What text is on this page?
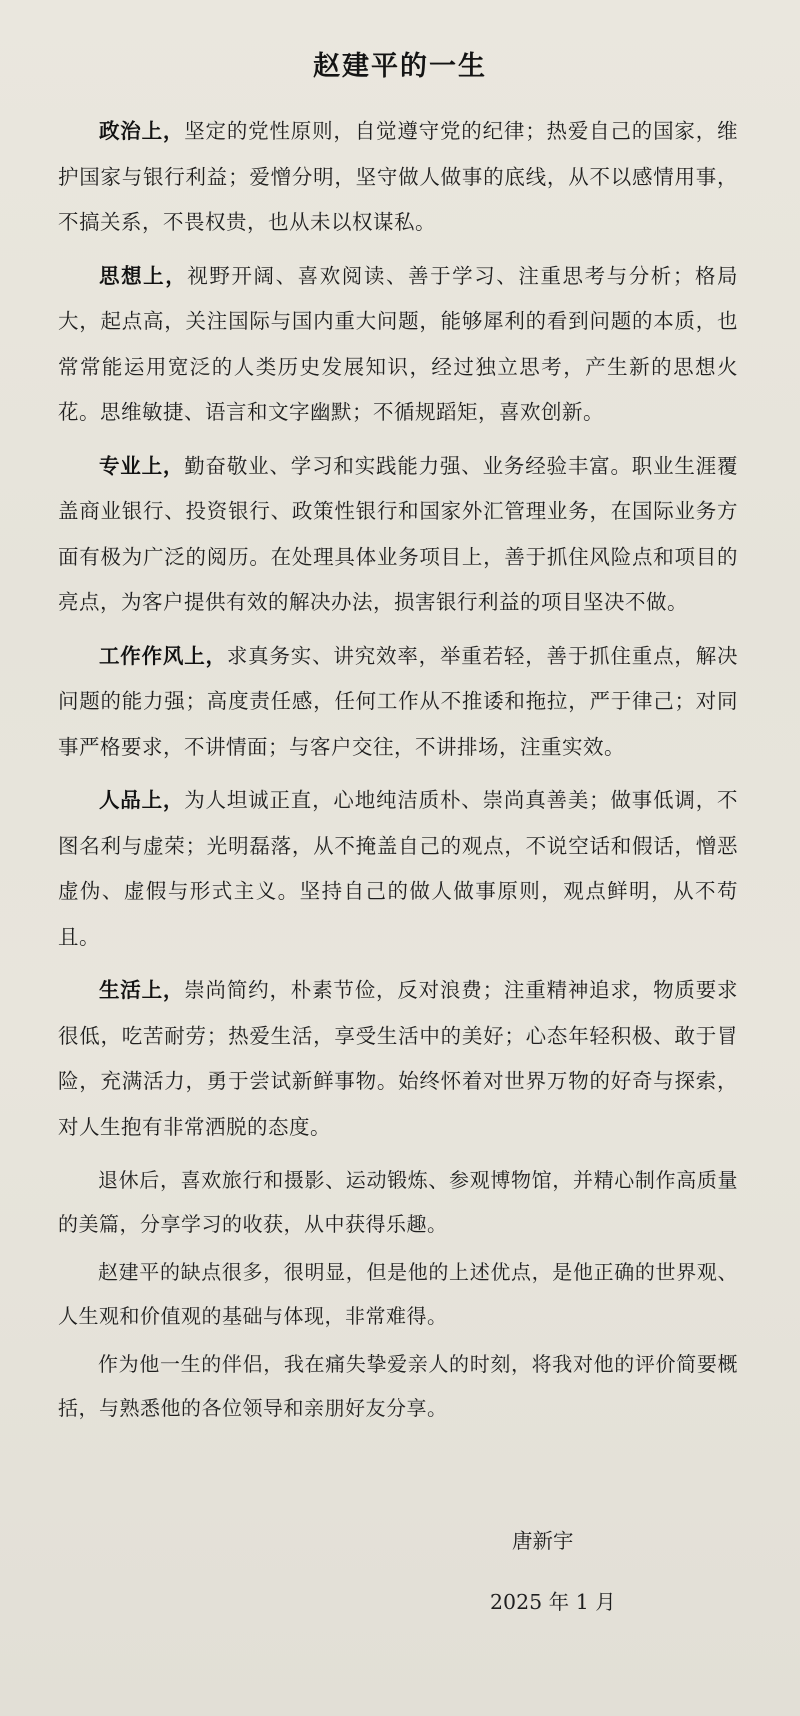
赵建平的一生

政治上，坚定的党性原则，自觉遵守党的纪律；热爱自己的国家，维护国家与银行利益；爱憎分明，坚守做人做事的底线，从不以感情用事，不搞关系，不畏权贵，也从未以权谋私。

思想上，视野开阔、喜欢阅读、善于学习、注重思考与分析；格局大，起点高，关注国际与国内重大问题，能够犀利的看到问题的本质，也常常能运用宽泛的人类历史发展知识，经过独立思考，产生新的思想火花。思维敏捷、语言和文字幽默；不循规蹈矩，喜欢创新。

专业上，勤奋敬业、学习和实践能力强、业务经验丰富。职业生涯覆盖商业银行、投资银行、政策性银行和国家外汇管理业务，在国际业务方面有极为广泛的阅历。在处理具体业务项目上，善于抓住风险点和项目的亮点，为客户提供有效的解决办法，损害银行利益的项目坚决不做。

工作作风上，求真务实、讲究效率，举重若轻，善于抓住重点，解决问题的能力强；高度责任感，任何工作从不推诿和拖拉，严于律己；对同事严格要求，不讲情面；与客户交往，不讲排场，注重实效。

人品上，为人坦诚正直，心地纯洁质朴、崇尚真善美；做事低调，不图名利与虚荣；光明磊落，从不掩盖自己的观点，不说空话和假话，憎恶虚伪、虚假与形式主义。坚持自己的做人做事原则，观点鲜明，从不苟且。

生活上，崇尚简约，朴素节俭，反对浪费；注重精神追求，物质要求很低，吃苦耐劳；热爱生活，享受生活中的美好；心态年轻积极、敢于冒险，充满活力，勇于尝试新鲜事物。始终怀着对世界万物的好奇与探索，对人生抱有非常洒脱的态度。

退休后，喜欢旅行和摄影、运动锻炼、参观博物馆，并精心制作高质量的美篇，分享学习的收获，从中获得乐趣。

赵建平的缺点很多，很明显，但是他的上述优点，是他正确的世界观、人生观和价值观的基础与体现，非常难得。

作为他一生的伴侣，我在痛失挚爱亲人的时刻，将我对他的评价简要概括，与熟悉他的各位领导和亲朋好友分享。

唐新宇
2025 年 1 月
